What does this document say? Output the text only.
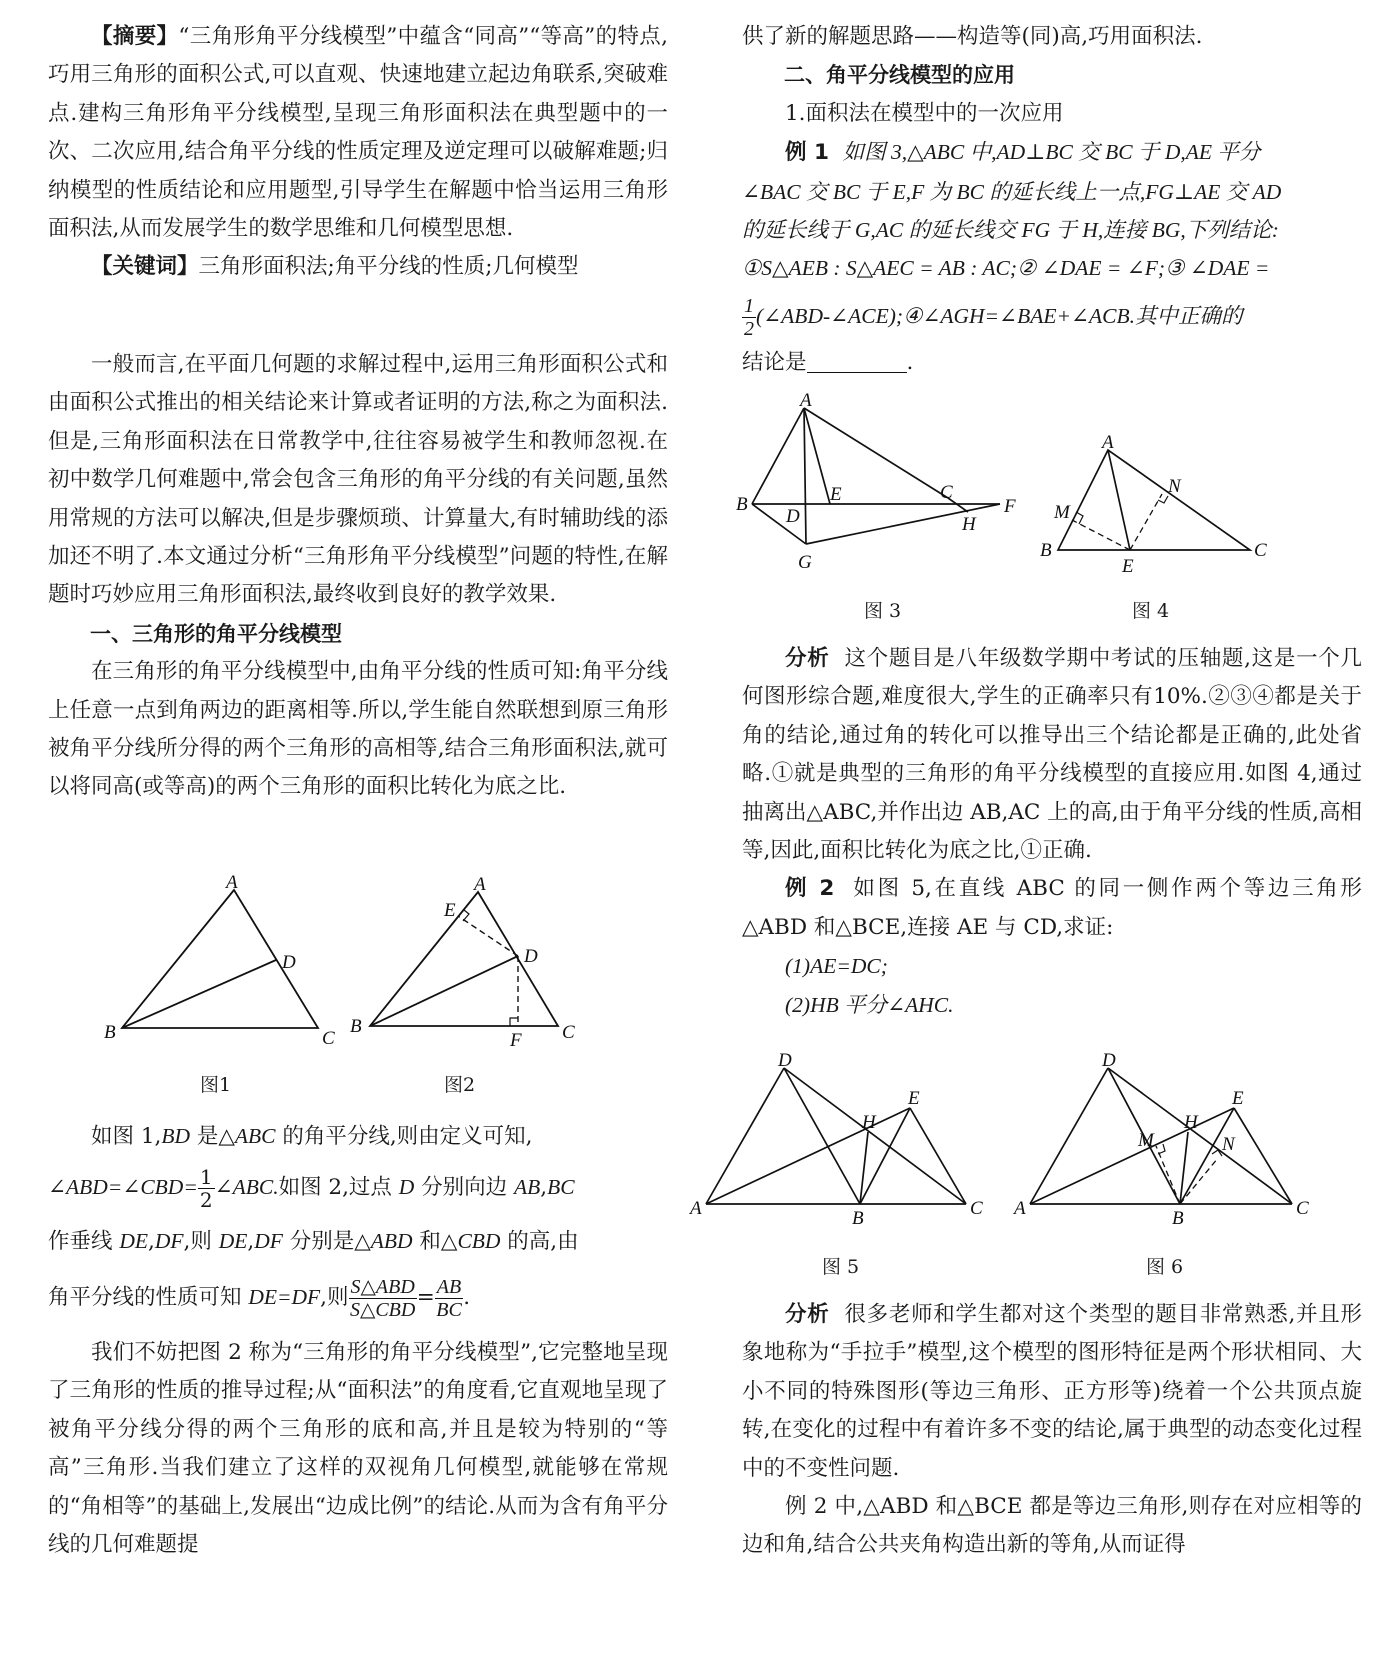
【摘要】“三角形角平分线模型”中蕴含“同高”“等高”的特点,巧用三角形的面积公式,可以直观、快速地建立起边角联系,突破难点.建构三角形角平分线模型,呈现三角形面积法在典型题中的一次、二次应用,结合角平分线的性质定理及逆定理可以破解难题;归纳模型的性质结论和应用题型,引导学生在解题中恰当运用三角形面积法,从而发展学生的数学思维和几何模型思想.

【关键词】三角形面积法;角平分线的性质;几何模型

一般而言,在平面几何题的求解过程中,运用三角形面积公式和由面积公式推出的相关结论来计算或者证明的方法,称之为面积法.但是,三角形面积法在日常教学中,往往容易被学生和教师忽视.在初中数学几何难题中,常会包含三角形的角平分线的有关问题,虽然用常规的方法可以解决,但是步骤烦琐、计算量大,有时辅助线的添加还不明了.本文通过分析“三角形角平分线模型”问题的特性,在解题时巧妙应用三角形面积法,最终收到良好的教学效果.

一、三角形的角平分线模型

在三角形的角平分线模型中,由角平分线的性质可知:角平分线上任意一点到角两边的距离相等.所以,学生能自然联想到原三角形被角平分线所分得的两个三角形的高相等,结合三角形面积法,就可以将同高(或等高)的两个三角形的面积比转化为底之比.

A
B	C
D
图1
A
B	C
D
E
F
图2

如图 1,BD 是△ABC 的角平分线,则由定义可知,

∠ABD=∠CBD= $\frac{1}{2}$ ∠ABC.如图 2,过点 D 分别向边 AB,BC

作垂线 DE,DF,则 DE,DF 分别是△ABD 和△CBD 的高,由

角平分线的性质可知 DE=DF,则 $\frac{\text{S△ABD}}{\text{S△CBD}} = \frac{AB}{BC}$ .

我们不妨把图 2 称为“三角形的角平分线模型”,它完整地呈现了三角形的性质的推导过程;从“面积法”的角度看,它直观地呈现了被角平分线分得的两个三角形的底和高,并且是较为特别的“等高”三角形.当我们建立了这样的双视角几何模型,就能够在常规的“角相等”的基础上,发展出“边成比例”的结论.从而为含有角平分线的几何难题提

供了新的解题思路——构造等(同)高,巧用面积法.

二、角平分线模型的应用

1.面积法在模型中的一次应用

例 1 如图 3,△ABC 中,AD⊥BC 交 BC 于 D,AE 平分

∠BAC 交 BC 于 E,F 为 BC 的延长线上一点,FG⊥AE 交 AD

的延长线于 G,AC 的延长线交 FG 于 H,连接 BG,下列结论:

①S△AEB : S△AEC = AB : AC;② ∠DAE = ∠F;③ ∠DAE =

$\frac{1}{2}$ (∠ABD-∠ACE);④∠AGH=∠BAE+∠ACB.其中正确的

结论是	.

A
B
C
D
E
F
G
H
图 3
A
B	C
E
M
N
图 4

分析 这个题目是八年级数学期中考试的压轴题,这是一个几何图形综合题,难度很大,学生的正确率只有10%.②③④都是关于角的结论,通过角的转化可以推导出三个结论都是正确的,此处省略.①就是典型的三角形的角平分线模型的直接应用.如图 4,通过抽离出△ABC,并作出边 AB,AC 上的高,由于角平分线的性质,高相等,因此,面积比转化为底之比,①正确.

例 2 如图 5,在直线 ABC 的同一侧作两个等边三角形△ABD 和△BCE,连接 AE 与 CD,求证:

(1)AE=DC;

(2)HB 平分∠AHC.

D
E
H
A	B	C
图 5
D
E
H
M	N
A	B	C
图 6

分析 很多老师和学生都对这个类型的题目非常熟悉,并且形象地称为“手拉手”模型,这个模型的图形特征是两个形状相同、大小不同的特殊图形(等边三角形、正方形等)绕着一个公共顶点旋转,在变化的过程中有着许多不变的结论,属于典型的动态变化过程中的不变性问题.

例 2 中,△ABD 和△BCE 都是等边三角形,则存在对应相等的边和角,结合公共夹角构造出新的等角,从而证得
